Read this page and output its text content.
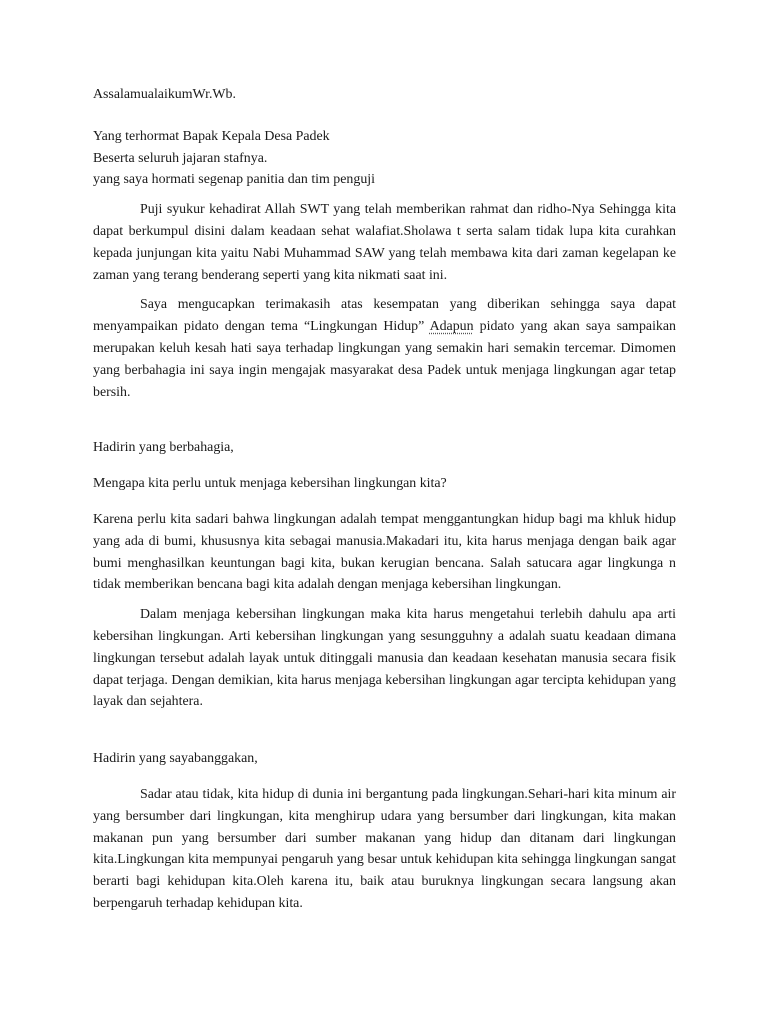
AssalamualaikumWr.Wb.

Yang terhormat Bapak Kepala Desa Padek
Beserta seluruh jajaran stafnya.
yang saya hormati segenap panitia dan tim penguji

Puji syukur kehadirat Allah SWT yang telah memberikan rahmat dan ridho-Nya Sehingga kita dapat berkumpul disini dalam keadaan sehat walafiat.Sholawa t serta salam tidak lupa kita curahkan kepada junjungan kita yaitu Nabi Muhammad SAW yang telah membawa kita dari zaman kegelapan ke zaman yang terang benderang seperti yang kita nikmati saat ini.

Saya mengucapkan terimakasih atas kesempatan yang diberikan sehingga saya dapat menyampaikan pidato dengan tema “Lingkungan Hidup” Adapun pidato yang akan saya sampaikan merupakan keluh kesah hati saya terhadap lingkungan yang semakin hari semakin tercemar. Dimomen yang berbahagia ini saya ingin mengajak masyarakat desa Padek untuk menjaga lingkungan agar tetap bersih.

Hadirin yang berbahagia,

Mengapa kita perlu untuk menjaga kebersihan lingkungan kita?

Karena perlu kita sadari bahwa lingkungan adalah tempat menggantungkan hidup bagi ma khluk hidup yang ada di bumi, khususnya kita sebagai manusia.Makadari itu, kita harus menjaga dengan baik agar bumi menghasilkan keuntungan bagi kita, bukan kerugian bencana. Salah satucara agar lingkunga n tidak memberikan bencana bagi kita adalah dengan menjaga kebersihan lingkungan.

Dalam menjaga kebersihan lingkungan maka kita harus mengetahui terlebih dahulu apa arti kebersihan lingkungan. Arti kebersihan lingkungan yang sesungguhny a adalah suatu keadaan dimana lingkungan tersebut adalah layak untuk ditinggali manusia dan keadaan kesehatan manusia secara fisik dapat terjaga. Dengan demikian, kita harus menjaga kebersihan lingkungan agar tercipta kehidupan yang layak dan sejahtera.

Hadirin yang sayabanggakan,

Sadar atau tidak, kita hidup di dunia ini bergantung pada lingkungan.Sehari-hari kita minum air yang bersumber dari lingkungan, kita menghirup udara yang bersumber dari lingkungan, kita makan makanan pun yang bersumber dari sumber makanan yang hidup dan ditanam dari lingkungan kita.Lingkungan kita mempunyai pengaruh yang besar untuk kehidupan kita sehingga lingkungan sangat berarti bagi kehidupan kita.Oleh karena itu, baik atau buruknya lingkungan secara langsung akan berpengaruh terhadap kehidupan kita.
